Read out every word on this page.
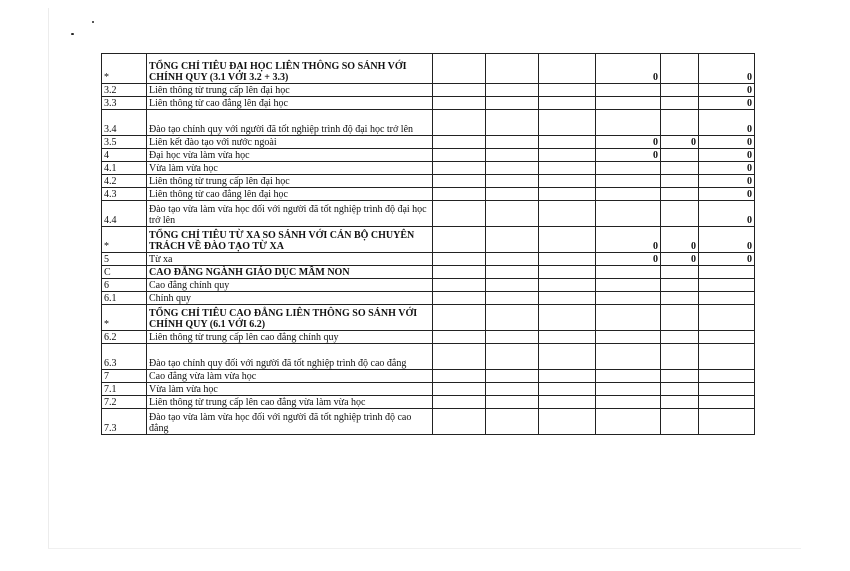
*	TỔNG CHỈ TIÊU ĐẠI HỌC LIÊN THÔNG SO SÁNH VỚI CHÍNH QUY (3.1 VỚI 3.2 + 3.3)				0		0
3.2	Liên thông từ trung cấp lên đại học						0
3.3	Liên thông từ cao đẳng lên đại học						0
3.4	Đào tạo chính quy với người đã tốt nghiệp trình độ đại học trở lên						0
3.5	Liên kết đào tạo với nước ngoài				0	0	0
4	Đại học vừa làm vừa học				0		0
4.1	Vừa làm vừa học						0
4.2	Liên thông từ trung cấp lên đại học						0
4.3	Liên thông từ cao đẳng lên đại học						0
4.4	Đào tạo vừa làm vừa học đối với người đã tốt nghiệp trình độ đại học trở lên						0
*	TỔNG CHỈ TIÊU TỪ XA SO SÁNH VỚI CÁN BỘ CHUYÊN TRÁCH VỀ ĐÀO TẠO TỪ XA				0	0	0
5	Từ xa				0	0	0
C	CAO ĐẲNG NGÀNH GIÁO DỤC MẦM NON						
6	Cao đẳng chính quy						
6.1	Chính quy						
*	TỔNG CHỈ TIÊU CAO ĐẲNG LIÊN THÔNG SO SÁNH VỚI CHÍNH QUY (6.1 VỚI 6.2)						
6.2	Liên thông từ trung cấp lên cao đẳng chính quy						
6.3	Đào tạo chính quy đối với người đã tốt nghiệp trình độ cao đẳng						
7	Cao đẳng vừa làm vừa học						
7.1	Vừa làm vừa học						
7.2	Liên thông từ trung cấp lên cao đẳng vừa làm vừa học						
7.3	Đào tạo vừa làm vừa học đối với người đã tốt nghiệp trình độ cao đẳng						
